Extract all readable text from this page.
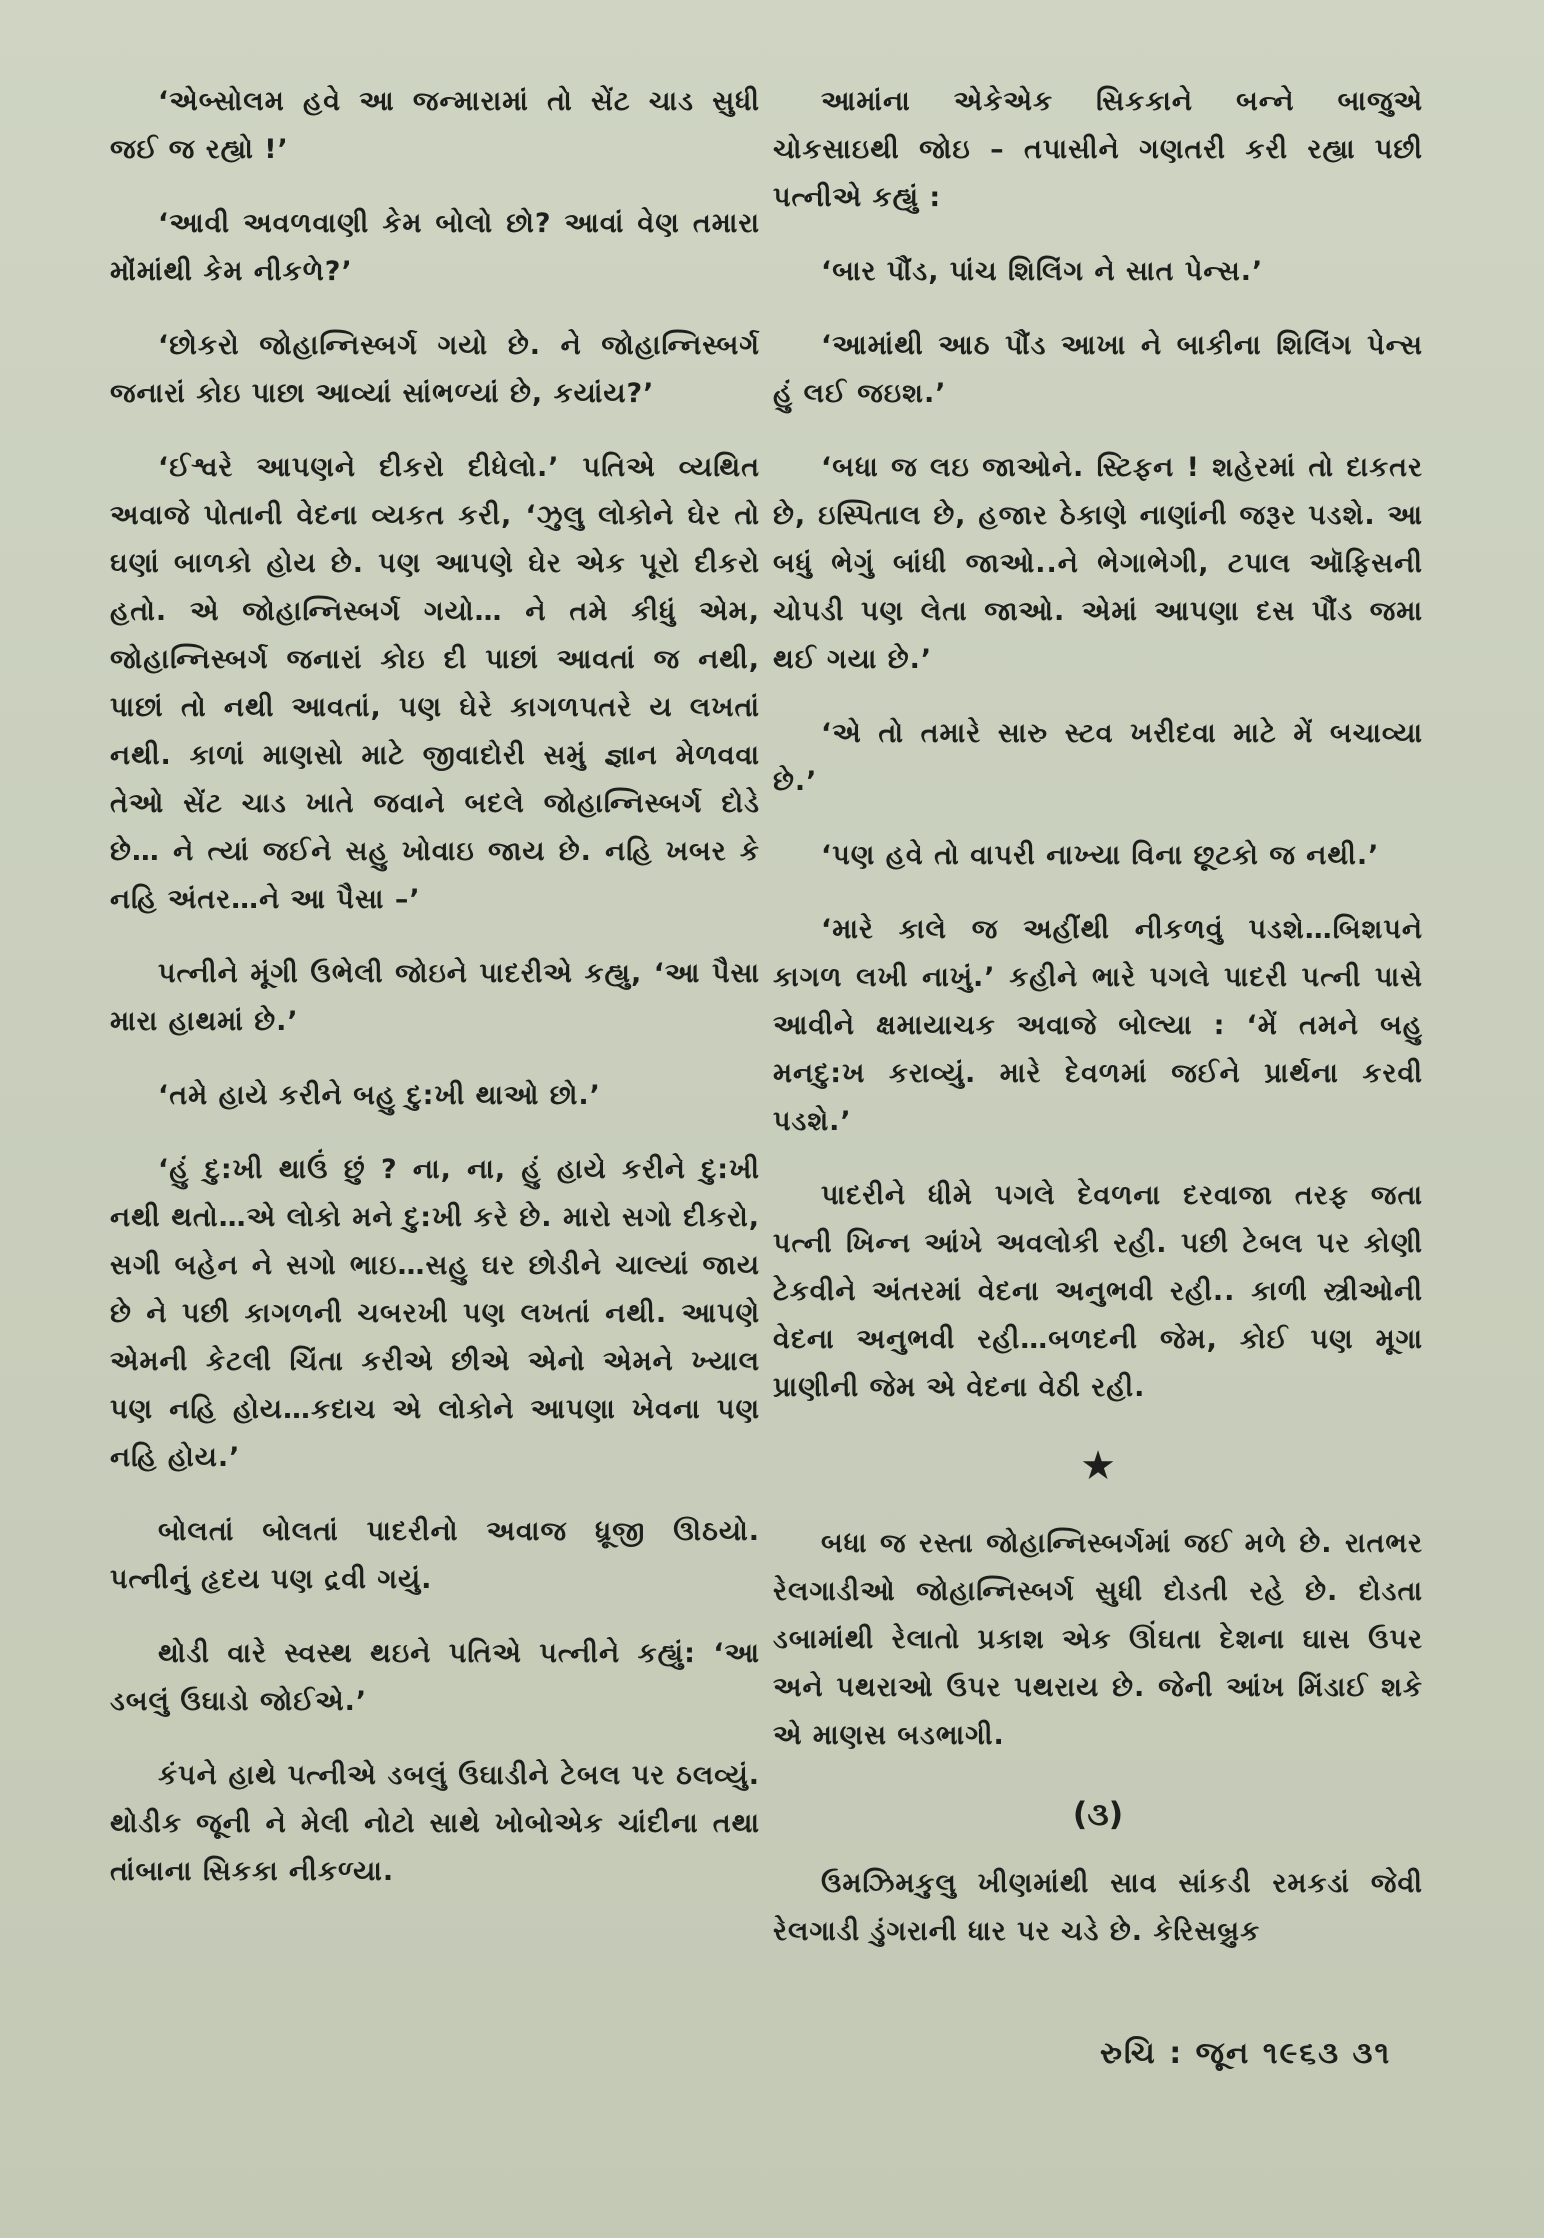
‘એબ્સોલમ હવે આ જન્મારામાં તો સેંટ ચાડ સુધી જઈ જ રહ્યો !’

‘આવી અવળવાણી કેમ બોલો છો? આવાં વેણ તમારા મોંમાંથી કેમ નીકળે?’

‘છોકરો જોહાન્નિસ્બર્ગ ગયો છે. ને જોહાન્નિસ્બર્ગ જનારાં કોઇ પાછા આવ્યાં સાંભળ્યાં છે, કયાંય?’

‘ઈશ્વરે આપણને દીકરો દીધેલો.’ પતિએ વ્યથિત અવાજે પોતાની વેદના વ્યકત કરી, ‘ઝુલુ લોકોને ઘેર તો ઘણાં બાળકો હોય છે. પણ આપણે ઘેર એક પૂરો દીકરો હતો. એ જોહાન્નિસ્બર્ગ ગયો… ને તમે કીધું એમ, જોહાન્નિસ્બર્ગ જનારાં કોઇ દી પાછાં આવતાં જ નથી, પાછાં તો નથી આવતાં, પણ ઘેરે કાગળપતરે ય લખતાં નથી. કાળાં માણસો માટે જીવાદોરી સમું જ્ઞાન મેળવવા તેઓ સેંટ ચાડ ખાતે જવાને બદલે જોહાન્નિસ્બર્ગ દોડે છે… ને ત્યાં જઈને સહુ ખોવાઇ જાય છે. નહિ ખબર કે નહિ અંતર…ને આ પૈસા –’

પત્નીને મૂંગી ઉભેલી જોઇને પાદરીએ કહ્યુ, ‘આ પૈસા મારા હાથમાં છે.’

‘તમે હાયે કરીને બહુ દુ:ખી થાઓ છો.’

‘હું દુ:ખી થાઉં છું ? ના, ના, હું હાયે કરીને દુ:ખી નથી થતો…એ લોકો મને દુ:ખી કરે છે. મારો સગો દીકરો, સગી બહેન ને સગો ભાઇ…સહુ ઘર છોડીને ચાલ્યાં જાય છે ને પછી કાગળની ચબરખી પણ લખતાં નથી. આપણે એમની કેટલી ચિંતા કરીએ છીએ એનો એમને ખ્યાલ પણ નહિ હોય…કદાચ એ લોકોને આપણા ખેવના પણ નહિ હોય.’

બોલતાં બોલતાં પાદરીનો અવાજ ધ્રૂજી ઊઠયો. પત્નીનું હૃદય પણ દ્રવી ગયું.

થોડી વારે સ્વસ્થ થઇને પતિએ પત્નીને કહ્યું: ‘આ ડબલું ઉઘાડો જોઈએ.’

કંપને હાથે પત્નીએ ડબલું ઉઘાડીને ટેબલ પર ઠલવ્યું. થોડીક જૂની ને મેલી નોટો સાથે ખોબોએક ચાંદીના તથા તાંબાના સિકકા નીકળ્યા.

આમાંના એકેએક સિકકાને બન્ને બાજુએ ચોકસાઇથી જોઇ – તપાસીને ગણતરી કરી રહ્યા પછી પત્નીએ કહ્યું :

‘બાર પૌંડ, પાંચ શિલિંગ ને સાત પેન્સ.’

‘આમાંથી આઠ પૌંડ આખા ને બાકીના શિલિંગ પેન્સ હું લઈ જઇશ.’

‘બધા જ લઇ જાઓને. સ્ટિફન ! શહેરમાં તો દાકતર છે, ઇસ્પિતાલ છે, હજાર ઠેકાણે નાણાંની જરૂર પડશે. આ બધું ભેગું બાંધી જાઓ..ને ભેગાભેગી, ટપાલ ઑફિસની ચોપડી પણ લેતા જાઓ. એમાં આપણા દસ પૌંડ જમા થઈ ગયા છે.’

‘એ તો તમારે સારુ સ્ટવ ખરીદવા માટે મેં બચાવ્યા છે.’

‘પણ હવે તો વાપરી નાખ્યા વિના છૂટકો જ નથી.’

‘મારે કાલે જ અહીંથી નીકળવું પડશે…બિશપને કાગળ લખી નાખું.’ કહીને ભારે પગલે પાદરી પત્ની પાસે આવીને ક્ષમાયાચક અવાજે બોલ્યા : ‘મેં તમને બહુ મનદુ:ખ કરાવ્યું. મારે દેવળમાં જઈને પ્રાર્થના કરવી પડશે.’

પાદરીને ધીમે પગલે દેવળના દરવાજા તરફ જતા પત્ની ખિન્ન આંખે અવલોકી રહી. પછી ટેબલ પર કોણી ટેકવીને અંતરમાં વેદના અનુભવી રહી.. કાળી સ્ત્રીઓની વેદના અનુભવી રહી…બળદની જેમ, કોઈ પણ મૂગા પ્રાણીની જેમ એ વેદના વેઠી રહી.

★

બધા જ રસ્તા જોહાન્નિસ્બર્ગમાં જઈ મળે છે. રાતભર રેલગાડીઓ જોહાન્નિસ્બર્ગ સુધી દોડતી રહે છે. દોડતા ડબામાંથી રેલાતો પ્રકાશ એક ઊંઘતા દેશના ઘાસ ઉપર અને પથરાઓ ઉપર પથરાય છે. જેની આંખ મિંડાઈ શકે એ માણસ બડભાગી.

(૩)

ઉમઝિમકુલુ ખીણમાંથી સાવ સાંકડી રમકડાં જેવી રેલગાડી ડુંગરાની ધાર પર ચડે છે. કેરિસબ્રુક

રુચિ : જૂન ૧૯૬૩ ૩૧
